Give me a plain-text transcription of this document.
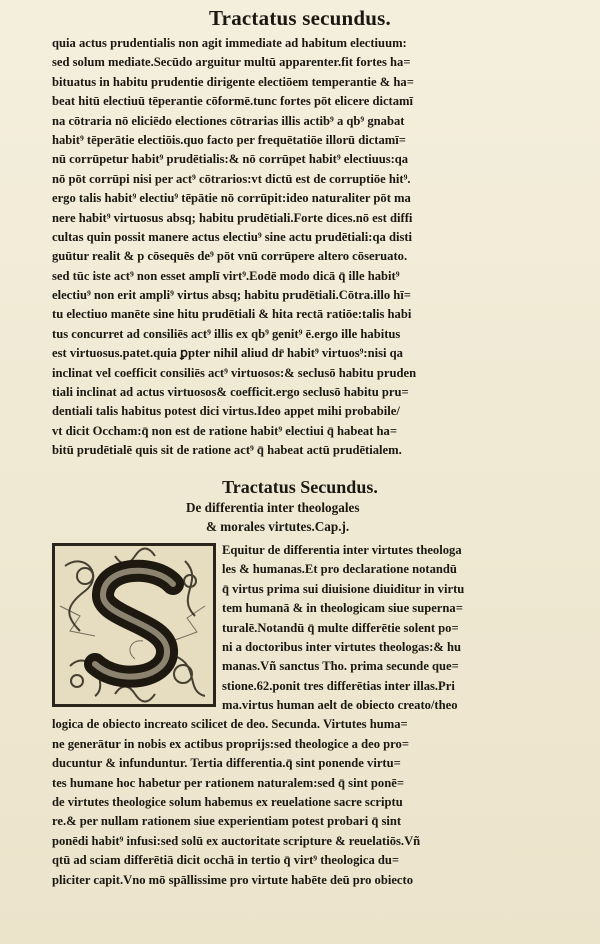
Tractatus secundus.
quia actus prudentialis non agit immediate ad habitum electiuum:
sed solum mediate.Secūdo arguitur multū apparenter.fit fortes ha=
bituatus in habitu prudentie dirigente electiōem temperantie & ha=
beat hitū electiuū tēperantie cōformē.tunc fortes pōt elicere dictamī
na cōtraria nō eliciēdo electiones cōtrarias illis actib⁹ a qb⁹ gnabat
habit⁹ tēperātie electiōis.quo facto per frequētatiōe illorū dictamī=
nū corrūpetur habit⁹ prudētialis:& nō corrūpet habit⁹ electiuus:qa
nō pōt corrūpi nisi per act⁹ cōtrarios:vt dictū est de corruptiōe hit⁹.
ergo talis habit⁹ electiu⁹ tēpātie nō corrūpit:ideo naturaliter pōt ma
nere habit⁹ virtuosus absq; habitu prudētiali.Forte dices.nō est diffi
cultas quin possit manere actus electiu⁹ sine actu prudētiali:qa disti
guūtur realit & p cōsequēs de⁹ pōt vnū corrūpere altero cōseruato.
sed tūc iste act⁹ non esset amplī virt⁹.Eodē modo dicā q̄ ille habit⁹
electiu⁹ non erit ampli⁹ virtus absq; habitu prudētiali.Cōtra.illo hī=
tu electiuo manēte sine hitu prudētiali & hita rectā ratiōe:talis habi
tus concurret ad consiliēs act⁹ illis ex qb⁹ genit⁹ ē.ergo ille habitus
est virtuosus.patet.quia ꝑpter nihil aliud dr̄ habit⁹ virtuos⁹:nisi qa
inclinat vel coefficit consiliēs act⁹ virtuosos:& seclusō habitu pruden
tiali inclinat ad actus virtuosos& coefficit.ergo seclusō habitu pru=
dentiali talis habitus potest dici virtus.Ideo appet mihi probabile/
vt dicit Occham:q̄ non est de ratione habit⁹ electiui q̄ habeat ha=
bitū prudētialē quis sit de ratione act⁹ q̄ habeat actū prudētialem.
Tractatus Secundus.
De differentia inter theologales
& morales virtutes.Cap.j.
Equitur de differentia inter virtutes theologa
les & humanas.Et pro declaratione notandū
q̄ virtus prima sui diuisione diuiditur in virtu
tem humanā & in theologicam siue superna=
turalē.Notandū q̄ multe differētie solent po=
ni a doctoribus inter virtutes theologas:& hu
manas.Vñ sanctus Tho. prima secunde que=
stione.62.ponit tres differētias inter illas.Pri
ma.virtus human aelt de obiecto creato/theo
logica de obiecto increato scilicet de deo. Secunda. Virtutes huma=
ne generātur in nobis ex actibus proprijs:sed theologice a deo pro=
ducuntur & infunduntur. Tertia differentia.q̄ sint ponende virtu=
tes humane hoc habetur per rationem naturalem:sed q̄ sint ponē=
de virtutes theologice solum habemus ex reuelatione sacre scriptu
re.& per nullam rationem siue experientiam potest probari q̄ sint
ponēdi habit⁹ infusi:sed solū ex auctoritate scripture & reuelatiōs.Vñ
qtū ad sciam differētiā dicit occhā in tertio q̄ virt⁹ theologica du=
pliciter capit.Vno mō spāllissime pro virtute habēte deū pro obiecto
